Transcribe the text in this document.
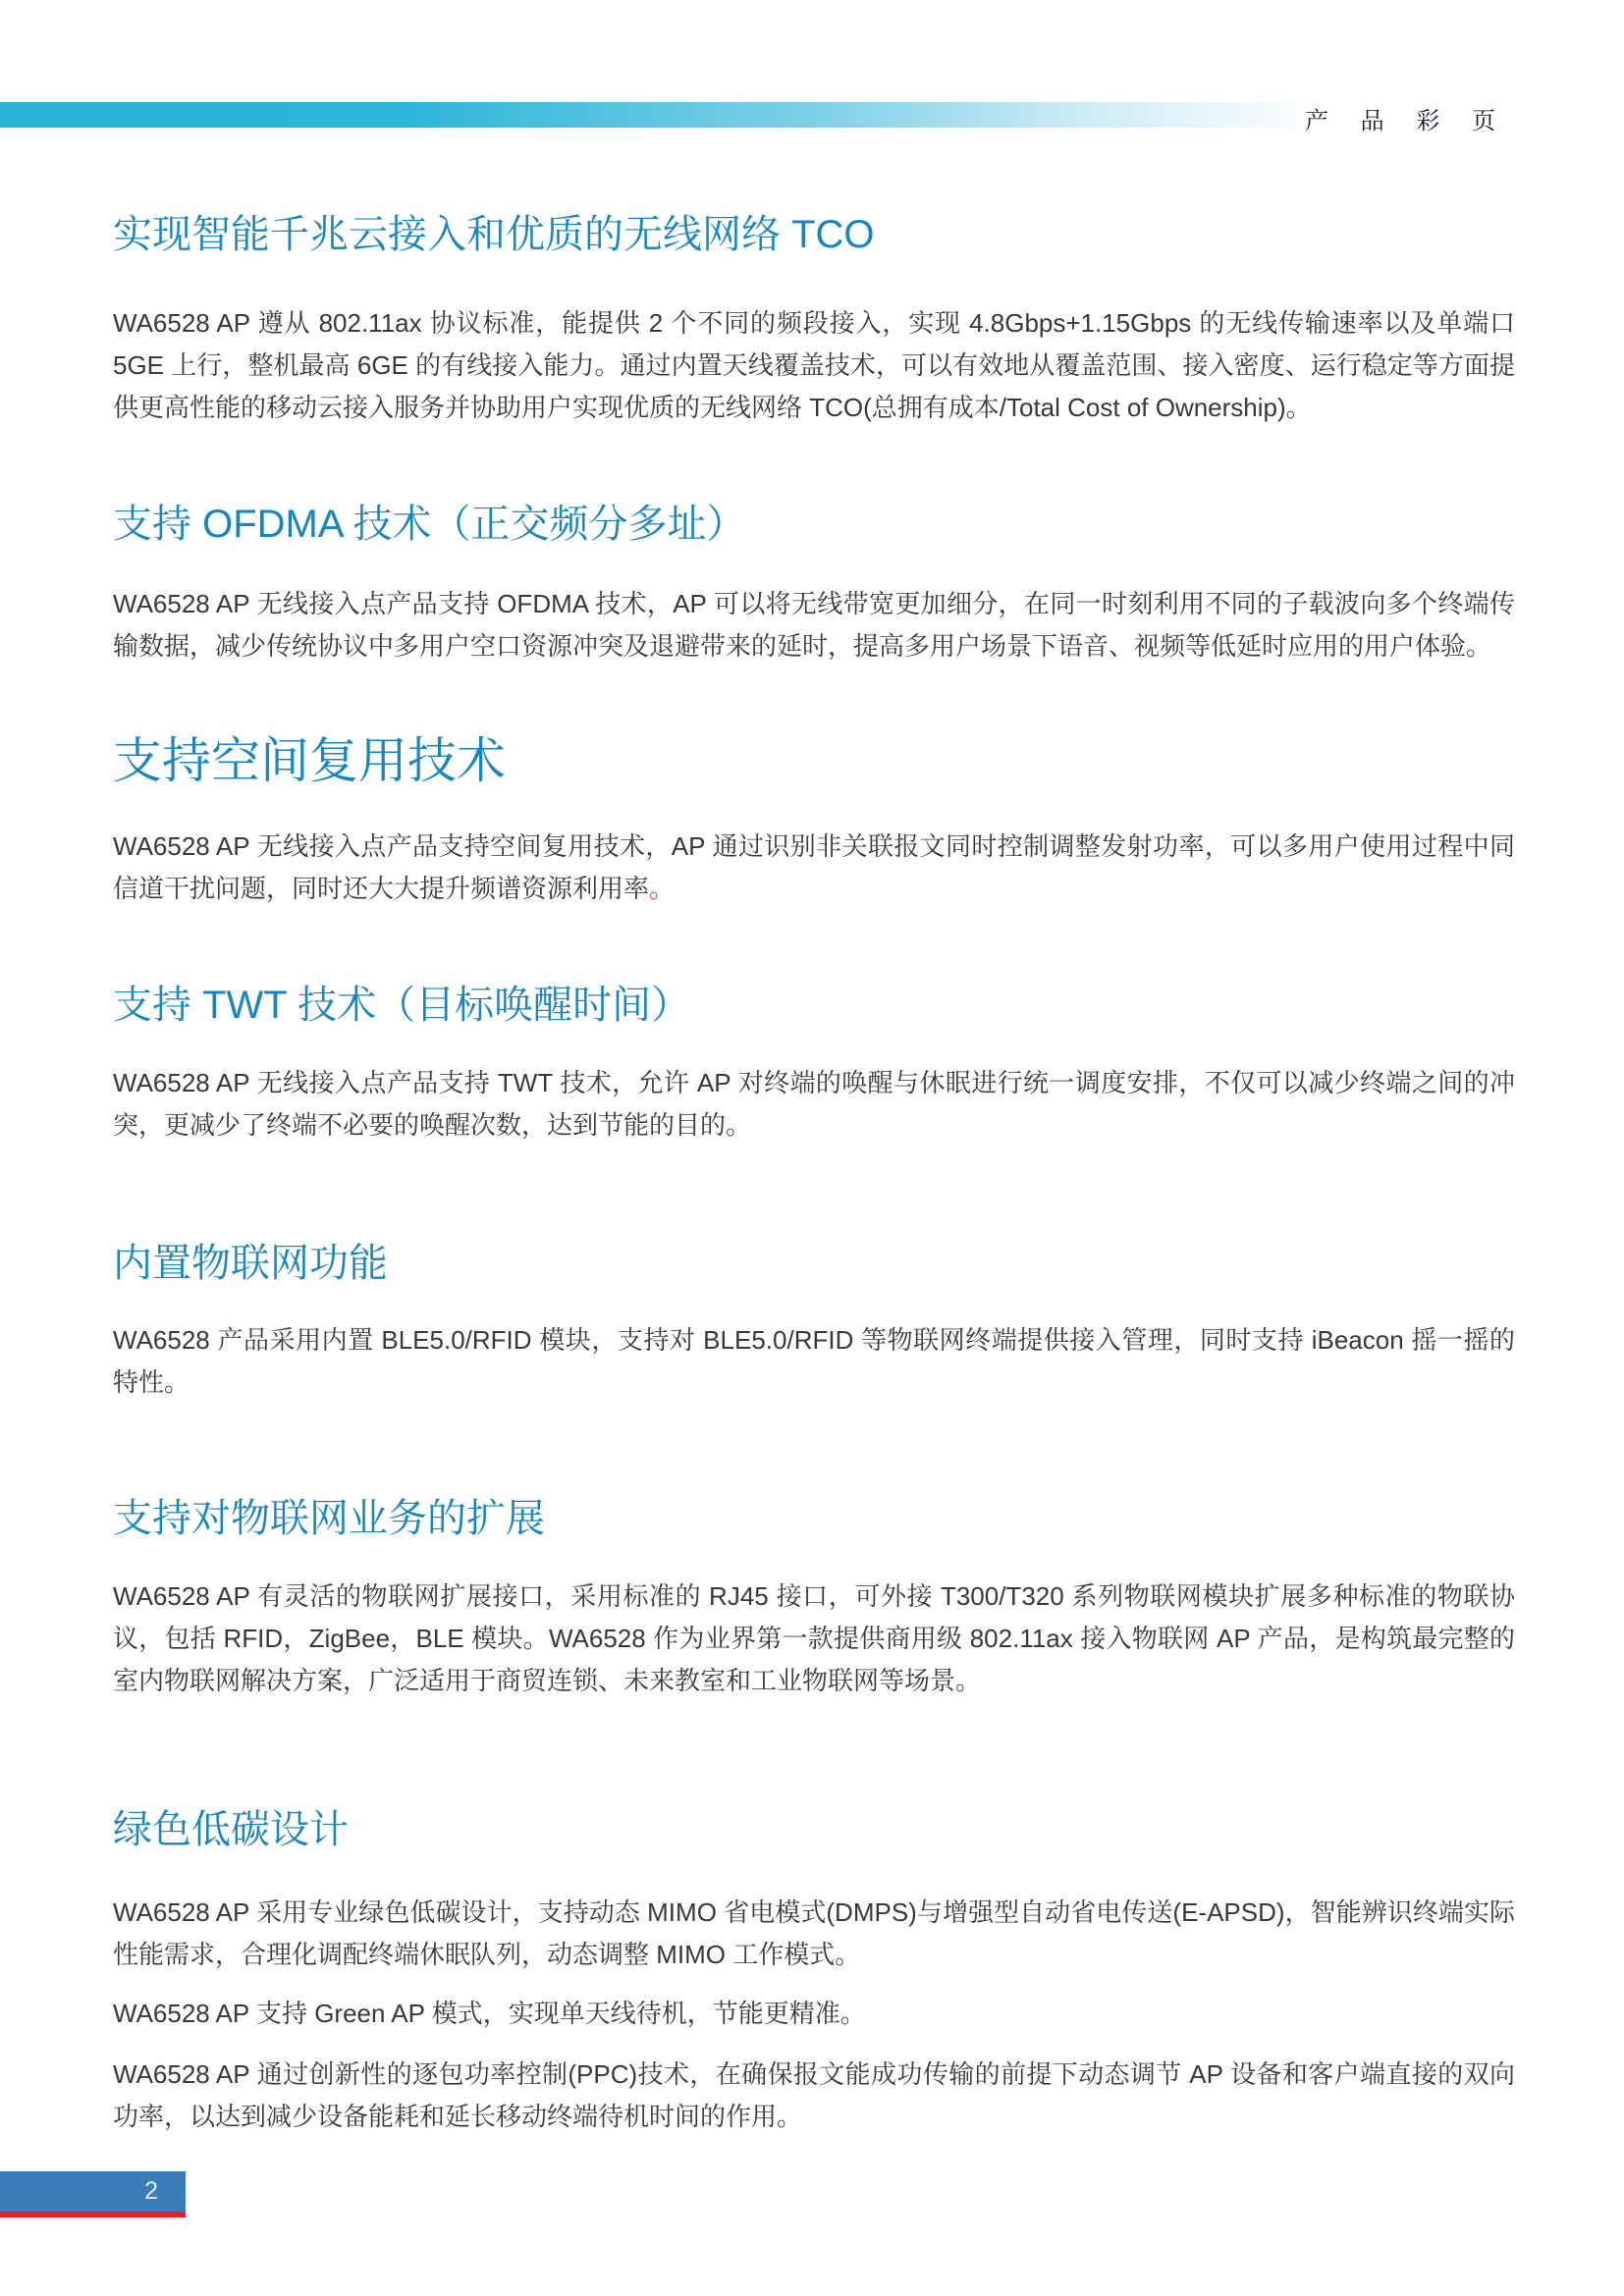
产 品 彩 页
实现智能千兆云接入和优质的无线网络 TCO

WA6528 AP 遵从 802.11ax 协议标准，能提供 2 个不同的频段接入，实现 4.8Gbps+1.15Gbps 的无线传输速率以及单端口 5GE 上行，整机最高 6GE 的有线接入能力。通过内置天线覆盖技术，可以有效地从覆盖范围、接入密度、运行稳定等方面提供更高性能的移动云接入服务并协助用户实现优质的无线网络 TCO(总拥有成本/Total Cost of Ownership)。

支持 OFDMA 技术（正交频分多址）

WA6528 AP 无线接入点产品支持 OFDMA 技术，AP 可以将无线带宽更加细分，在同一时刻利用不同的子载波向多个终端传输数据，减少传统协议中多用户空口资源冲突及退避带来的延时，提高多用户场景下语音、视频等低延时应用的用户体验。

支持空间复用技术

WA6528 AP 无线接入点产品支持空间复用技术，AP 通过识别非关联报文同时控制调整发射功率，可以多用户使用过程中同信道干扰问题，同时还大大提升频谱资源利用率。

支持 TWT 技术（目标唤醒时间）

WA6528 AP 无线接入点产品支持 TWT 技术，允许 AP 对终端的唤醒与休眠进行统一调度安排，不仅可以减少终端之间的冲突，更减少了终端不必要的唤醒次数，达到节能的目的。

内置物联网功能

WA6528 产品采用内置 BLE5.0/RFID 模块，支持对 BLE5.0/RFID 等物联网终端提供接入管理，同时支持 iBeacon 摇一摇的特性。

支持对物联网业务的扩展

WA6528 AP 有灵活的物联网扩展接口，采用标准的 RJ45 接口，可外接 T300/T320 系列物联网模块扩展多种标准的物联协议，包括 RFID，ZigBee，BLE 模块。WA6528 作为业界第一款提供商用级 802.11ax 接入物联网 AP 产品，是构筑最完整的室内物联网解决方案，广泛适用于商贸连锁、未来教室和工业物联网等场景。

绿色低碳设计

WA6528 AP 采用专业绿色低碳设计，支持动态 MIMO 省电模式(DMPS)与增强型自动省电传送(E-APSD)，智能辨识终端实际性能需求，合理化调配终端休眠队列，动态调整 MIMO 工作模式。

WA6528 AP 支持 Green AP 模式，实现单天线待机，节能更精准。

WA6528 AP 通过创新性的逐包功率控制(PPC)技术，在确保报文能成功传输的前提下动态调节 AP 设备和客户端直接的双向功率，以达到减少设备能耗和延长移动终端待机时间的作用。

2
